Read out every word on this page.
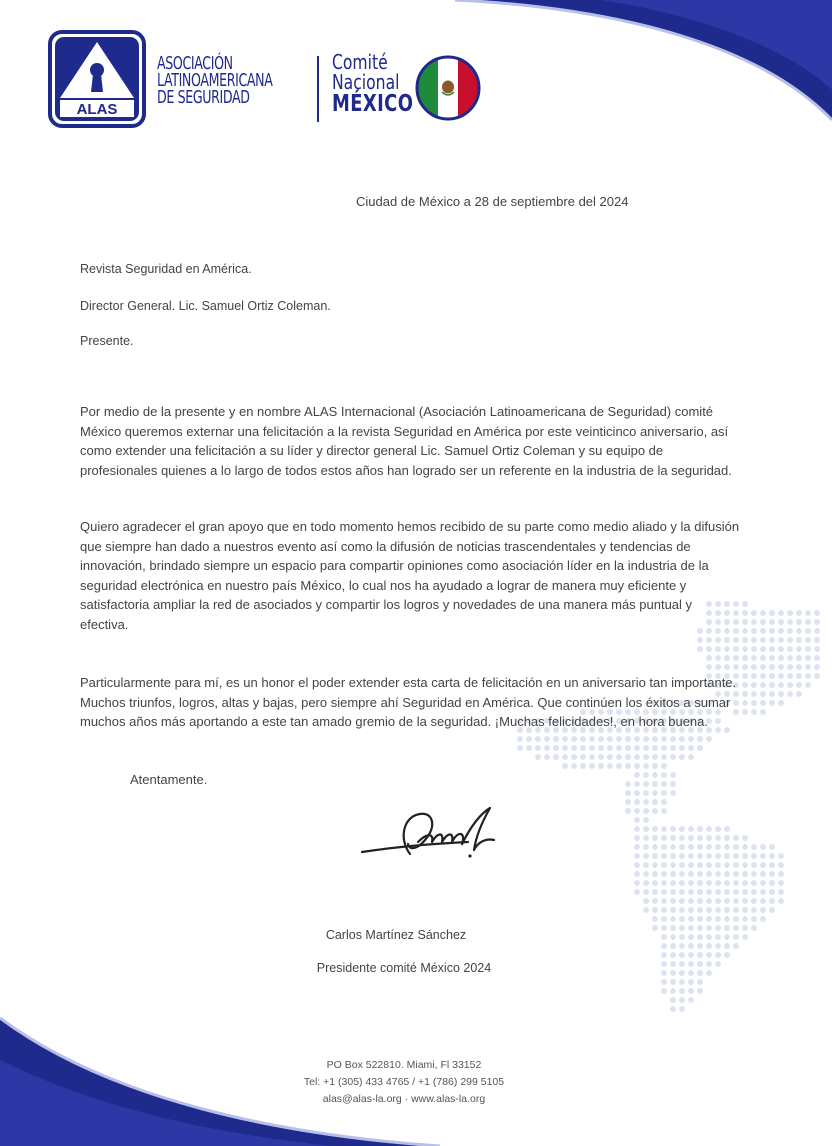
ALAS
ASOCIACIÓN
LATINOAMERICANA
DE SEGURIDAD
Comité
Nacional
MÉXICO
Ciudad de México a 28 de septiembre del 2024
Revista Seguridad en América.
Director General. Lic. Samuel Ortiz Coleman.
Presente.
Por medio de la presente y en nombre ALAS Internacional (Asociación Latinoamericana de Seguridad) comité México queremos externar una felicitación a la revista Seguridad en América por este veinticinco aniversario, así como extender una felicitación a su líder y director general Lic. Samuel Ortiz Coleman y su equipo de profesionales quienes a lo largo de todos estos años han logrado ser un referente en la industria de la seguridad.
Quiero agradecer el gran apoyo que en todo momento hemos recibido de su parte como medio aliado y la difusión que siempre han dado a nuestros evento así como la difusión de noticias trascendentales y tendencias de innovación, brindado siempre un espacio para compartir opiniones como asociación líder en la industria de la seguridad electrónica en nuestro país México, lo cual nos ha ayudado a lograr de manera muy eficiente y satisfactoria ampliar la red de asociados y compartir los logros y novedades de una manera más puntual y efectiva.
Particularmente para mí, es un honor el poder extender esta carta de felicitación en un aniversario tan importante. Muchos triunfos, logros, altas y bajas, pero siempre ahí Seguridad en América. Que continúen los éxitos a sumar muchos años más aportando a este tan amado gremio de la seguridad. ¡Muchas felicidades!, en hora buena.
Atentamente.
Carlos Martínez Sánchez
Presidente comité México 2024
PO Box 522810. Miami, Fl 33152
Tel: +1 (305) 433 4765 / +1 (786) 299 5105
alas@alas-la.org · www.alas-la.org
